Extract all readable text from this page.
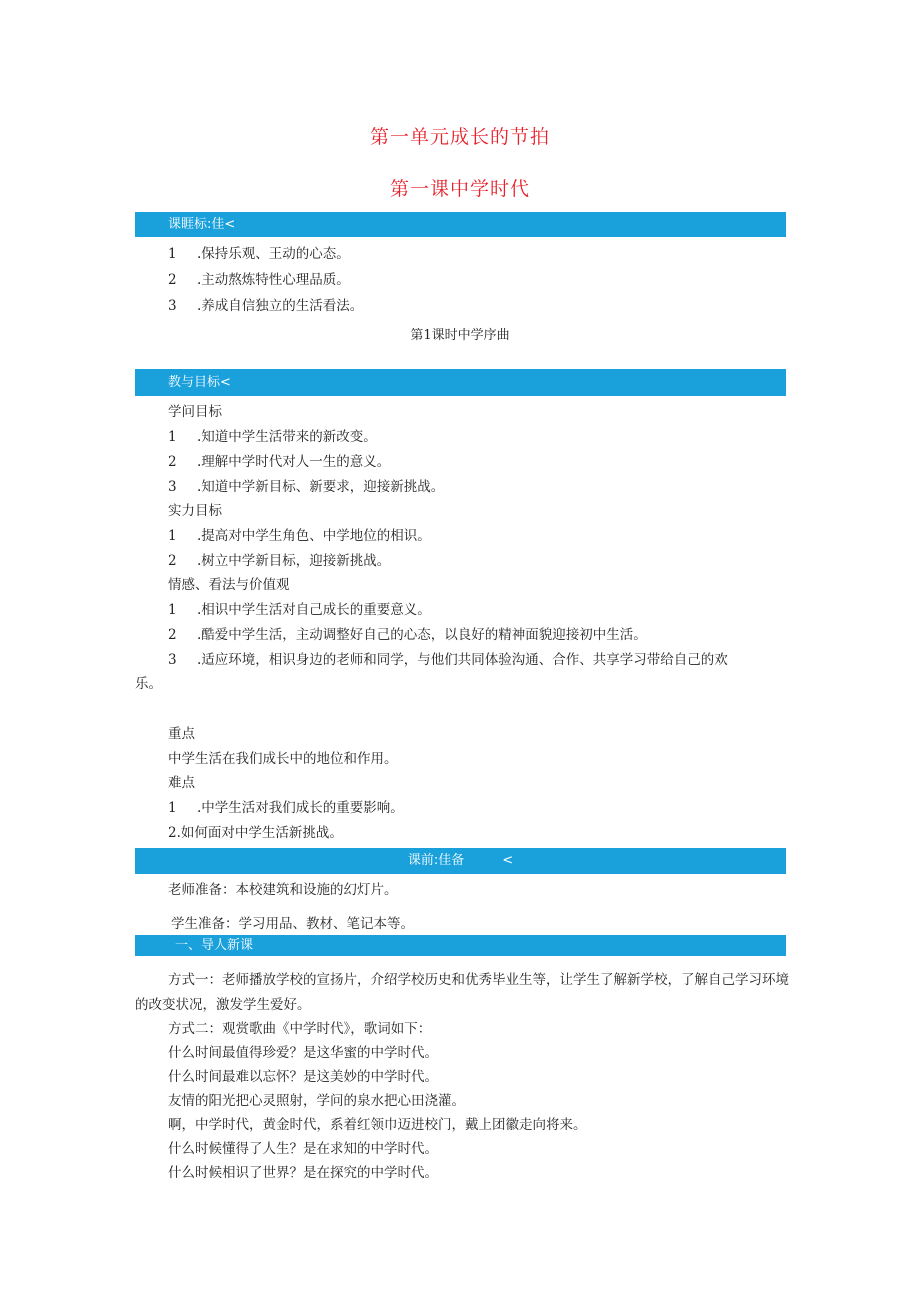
第一单元成长的节拍
第一课中学时代
课睚标:佳<
1 .保持乐观、王动的心态。
2 .主动熬炼特性心理品质。
3 .养成自信独立的生活看法。
第1课时中学序曲
教与目标<
学问目标
1 .知道中学生活带来的新改变。
2 .理解中学时代对人一生的意义。
3 .知道中学新目标、新要求，迎接新挑战。
实力目标
1 .提高对中学生角色、中学地位的相识。
2 .树立中学新目标，迎接新挑战。
情感、看法与价值观
1 .相识中学生活对自己成长的重要意义。
2 .酷爱中学生活，主动调整好自己的心态，以良好的精神面貌迎接初中生活。
3 .适应环境，相识身边的老师和同学，与他们共同体验沟通、合作、共享学习带给自己的欢
乐。
重点
中学生活在我们成长中的地位和作用。
难点
1 .中学生活对我们成长的重要影响。
2.如何面对中学生活新挑战。
课前:佳备	<
老师准备：本校建筑和设施的幻灯片。
学生准备：学习用品、教材、笔记本等。
一、导人新课
方式一：老师播放学校的宣扬片，介绍学校历史和优秀毕业生等，让学生了解新学校，了解自己学习环境的改变状况，激发学生爱好。
方式二：观赏歌曲《中学时代》，歌词如下：
什么时间最值得珍爱？是这华蜜的中学时代。
什么时间最难以忘怀？是这美妙的中学时代。
友情的阳光把心灵照射，学问的泉水把心田浇灌。
啊，中学时代，黄金时代，系着红领巾迈进校门，戴上团徽走向将来。
什么时候懂得了人生？是在求知的中学时代。
什么时候相识了世界？是在探究的中学时代。
